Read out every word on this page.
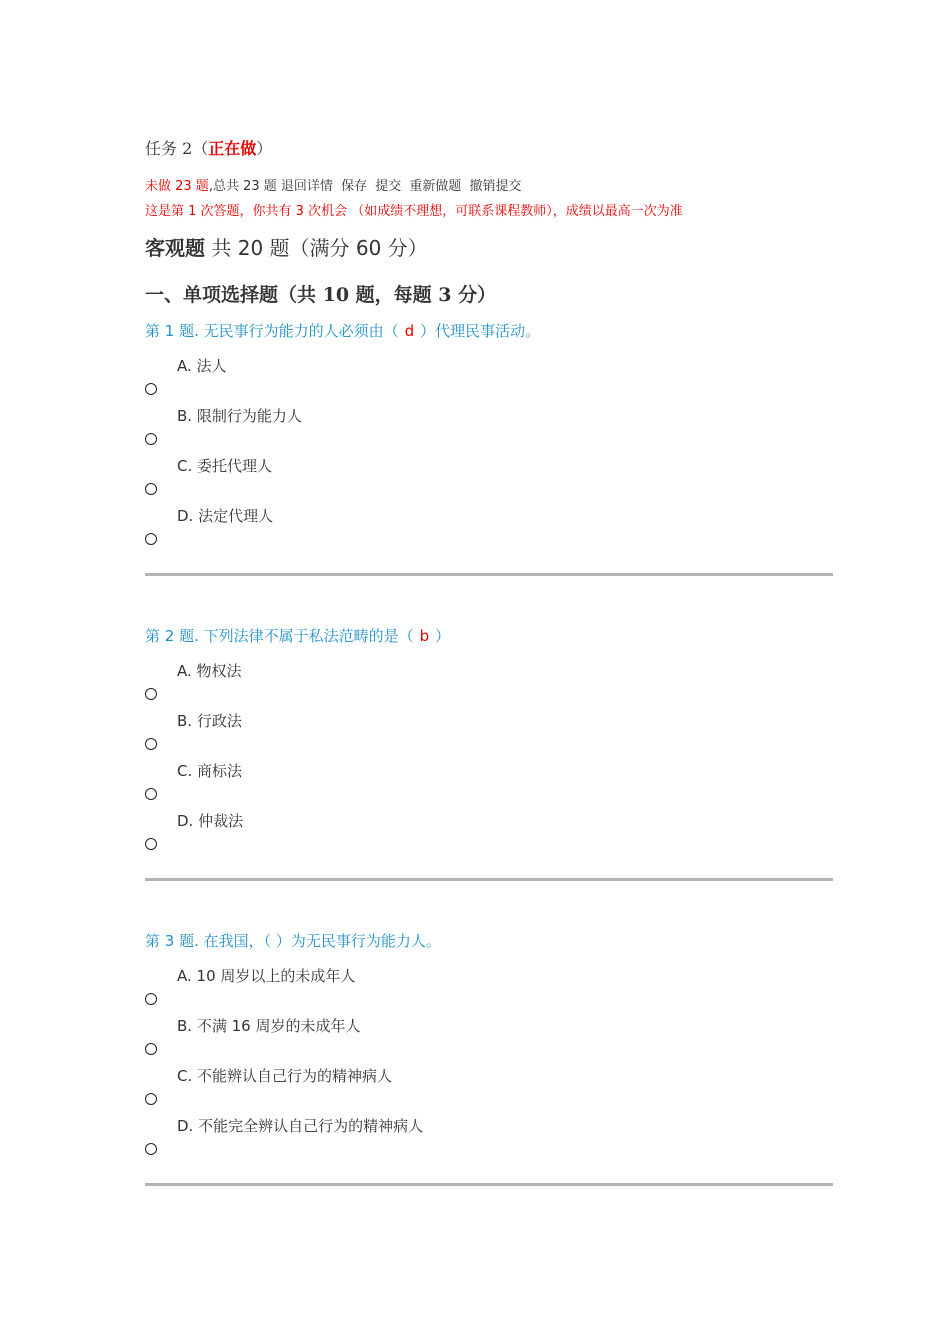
任务 2（正在做）
未做 23 题,总共 23 题 退回详情 保存 提交 重新做题 撤销提交
这是第 1 次答题，你共有 3 次机会 （如成绩不理想，可联系课程教师），成绩以最高一次为准
客观题 共 20 题（满分 60 分）
一、单项选择题（共 10 题，每题 3 分）
第 1 题. 无民事行为能力的人必须由（ d ）代理民事活动。
A. 法人
B. 限制行为能力人
C. 委托代理人
D. 法定代理人
第 2 题. 下列法律不属于私法范畴的是（ b ）
A. 物权法
B. 行政法
C. 商标法
D. 仲裁法
第 3 题. 在我国，（ ）为无民事行为能力人。
A. 10 周岁以上的未成年人
B. 不满 16 周岁的未成年人
C. 不能辨认自己行为的精神病人
D. 不能完全辨认自己行为的精神病人
